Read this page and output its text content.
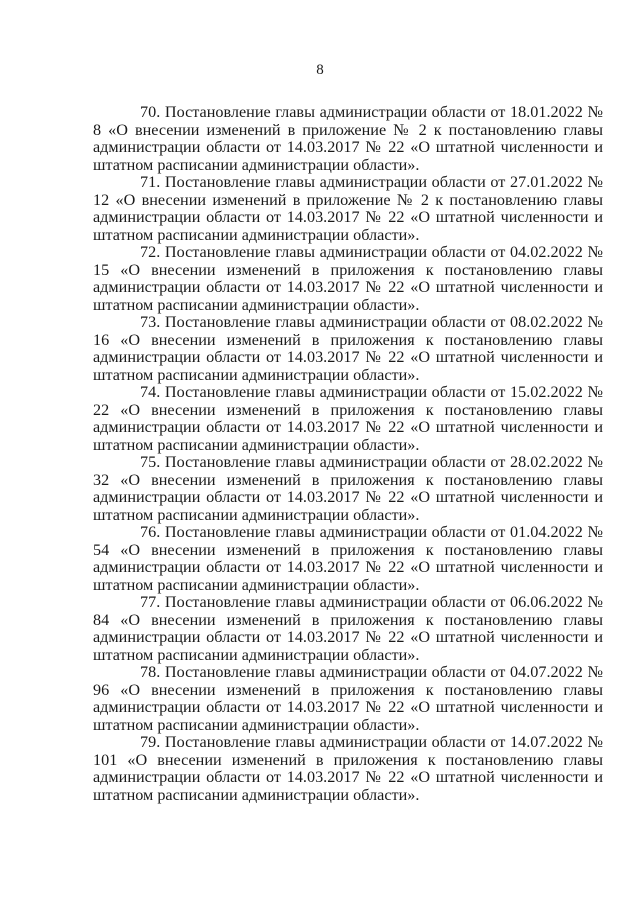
8

70. Постановление главы администрации области от 18.01.2022 № 8 «О внесении изменений в приложение № 2 к постановлению главы администрации области от 14.03.2017 № 22 «О штатной численности и штатном расписании администрации области».

71. Постановление главы администрации области от 27.01.2022 № 12 «О внесении изменений в приложение № 2 к постановлению главы администрации области от 14.03.2017 № 22 «О штатной численности и штатном расписании администрации области».

72. Постановление главы администрации области от 04.02.2022 № 15 «О внесении изменений в приложения к постановлению главы администрации области от 14.03.2017 № 22 «О штатной численности и штатном расписании администрации области».

73. Постановление главы администрации области от 08.02.2022 № 16 «О внесении изменений в приложения к постановлению главы администрации области от 14.03.2017 № 22 «О штатной численности и штатном расписании администрации области».

74. Постановление главы администрации области от 15.02.2022 № 22 «О внесении изменений в приложения к постановлению главы администрации области от 14.03.2017 № 22 «О штатной численности и штатном расписании администрации области».

75. Постановление главы администрации области от 28.02.2022 № 32 «О внесении изменений в приложения к постановлению главы администрации области от 14.03.2017 № 22 «О штатной численности и штатном расписании администрации области».

76. Постановление главы администрации области от 01.04.2022 № 54 «О внесении изменений в приложения к постановлению главы администрации области от 14.03.2017 № 22 «О штатной численности и штатном расписании администрации области».

77. Постановление главы администрации области от 06.06.2022 № 84 «О внесении изменений в приложения к постановлению главы администрации области от 14.03.2017 № 22 «О штатной численности и штатном расписании администрации области».

78. Постановление главы администрации области от 04.07.2022 № 96 «О внесении изменений в приложения к постановлению главы администрации области от 14.03.2017 № 22 «О штатной численности и штатном расписании администрации области».

79. Постановление главы администрации области от 14.07.2022 № 101 «О внесении изменений в приложения к постановлению главы администрации области от 14.03.2017 № 22 «О штатной численности и штатном расписании администрации области».
